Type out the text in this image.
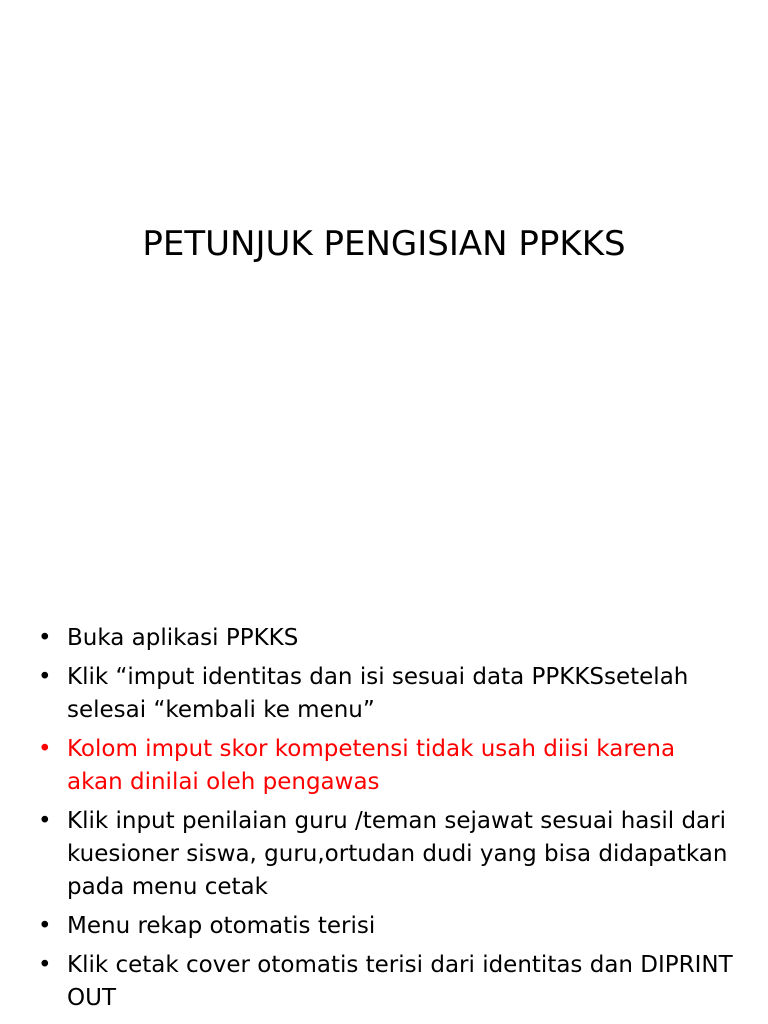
PETUNJUK PENGISIAN PPKKS
• Buka aplikasi PPKKS
• Klik “imput identitas dan isi sesuai data PPKKSsetelah selesai “kembali ke menu”
• Kolom imput skor kompetensi tidak usah diisi karena akan dinilai oleh pengawas
• Klik input penilaian guru /teman sejawat sesuai hasil dari kuesioner siswa, guru,ortudan dudi yang bisa didapatkan pada menu cetak
• Menu rekap otomatis terisi
• Klik cetak cover otomatis terisi dari identitas dan DIPRINT OUT
